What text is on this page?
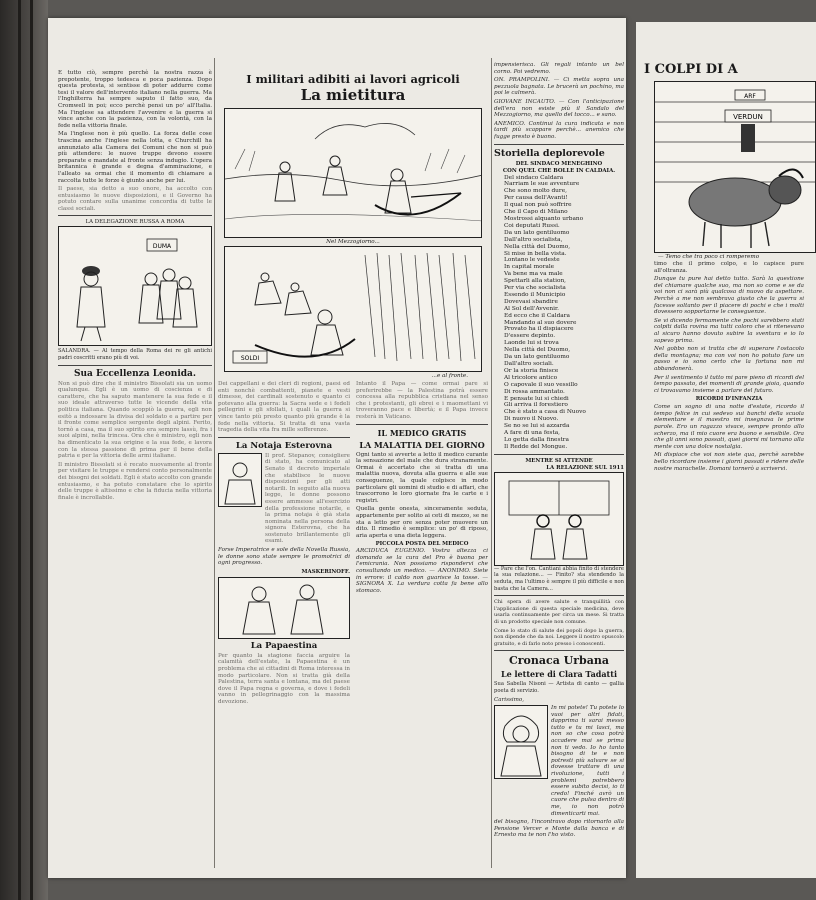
E tutto ciò, sempre perchè la nostra razza è prepotente, troppo tedesca e poca pazienza. Dopo questa protesta, si sentisse di poter addurre come tesi il valore dell'intervento italiano nella guerra. Ma l'Inghilterra ha sempre saputo il fatto suo, da Cromwell in poi; ecco perchè pensi un po' all'Italia. Ma l'inglese sa attendere l'avvenire e la guerra si vince anche con la pazienza, con la volontà, con la fede nella vittoria finale.

Ma l'inglese non è più quello. La forza delle cose trascina anche l'inglese nella lotta, e Churchill ha annunziato alla Camera dei Comuni che non si può più attendere: le nuove truppe devono essere preparate e mandate al fronte senza indugio. L'opera britannica è grande e degna d'ammirazione, e l'alleato sa ormai che il momento di chiamare a raccolta tutte le forze è giunto anche per lui.

Il paese, sia detto a suo onore, ha accolto con entusiasmo le nuove disposizioni, e il Governo ha potuto contare sulla unanime concordia di tutte le classi sociali.

LA DELEGAZIONE RUSSA A ROMA

DUMA

SALANDRA. — Al tempo della Roma dei re gli antichi padri coscritti erano più di voi.

Sua Eccellenza Leonida.

Non si può dire che il ministro Bissolati sia un uomo qualunque. Egli è un uomo di coscienza e di carattere, che ha saputo mantenere la sua fede e il suo ideale attraverso tutte le vicende della vita politica italiana. Quando scoppiò la guerra, egli non esitò a indossare la divisa del soldato e a partire per il fronte come semplice sergente degli alpini. Ferito, tornò a casa, ma il suo spirito era sempre lassù, fra i suoi alpini, nella trincea. Ora che è ministro, egli non ha dimenticato la sua origine e la sua fede, e lavora con la stessa passione di prima per il bene della patria e per la vittoria delle armi italiane.

Il ministro Bissolati si è recato nuovamente al fronte per visitare le truppe e rendersi conto personalmente dei bisogni dei soldati. Egli è stato accolto con grande entusiasmo, e ha potuto constatare che lo spirito delle truppe è altissimo e che la fiducia nella vittoria finale è incrollabile.

I militari adibiti ai lavori agricoli

La mietitura

Nel Mezzogiorno...

SOLDI

...e al fronte.

Dei cappellani e dei cleri di regioni, paesi ed enti nonchè combattenti, pianete e vesti dimesse, dei cardinali sostenuto e quanto ci potevano alla guerra: la Sacra sede e i fedeli pellegrini e gli sfollati, i quali la guerra si vince tanto più presto quanto più grande è la fede nella vittoria. Si tratta di una vasta tragedia della vita fra mille sofferenze.

La Notaja Esterovna

Il prof. Stepanov, consigliere di stato, ha comunicato al Senato il decreto imperiale che stabilisce le nuove disposizioni per gli atti notarili. In seguito alla nuova legge, le donne possono essere ammesse all'esercizio della professione notarile, e la prima notaja è già stata nominata nella persona della signora Esterovna, che ha sostenuto brillantemente gli esami.

Forse Imperatrice e sole della Novella Russia, le donne sono state sempre le promotrici di ogni progresso.

MASKERINOFF.

La Papaestina

Per quanto la stagione faccia arguire la calamità dell'estate, la Papaestina è un problema che ai cittadini di Roma interessa in modo particolare. Non si tratta già della Palestina, terra santa e lontana, ma del paese dove il Papa regna e governa, e dove i fedeli vanno in pellegrinaggio con la massima devozione.

Intanto il Papa — come ormai pare si preferirebbe — la Palestina potrà essere concessa alla repubblica cristiana nel senso che i protestanti, gli ebrei e i maomettani vi troveranno pace e libertà; e il Papa invece resterà in Vaticano.

IL MEDICO GRATIS

LA MALATTIA DEL GIORNO

Ogni tanto si avverte a letto il medico curante la sensazione del male che dura stranamente. Ormai è accertato che si tratta di una malattia nuova, dovuta alla guerra e alle sue conseguenze, la quale colpisce in modo particolare gli uomini di studio e di affari, che trascorrono le loro giornate fra le carte e i registri.

Quella gente onesta, sinceramente seduta, appartenente per solito ai ceti di mezzo, se ne sta a letto per ore senza poter muovere un dito. Il rimedio è semplice: un po' di riposo, aria aperta e una dieta leggera.

PICCOLA POSTA DEL MEDICO

ARCIDUCA EUGENIO. Vostra altezza ci domanda se la cura del Pro è buona per l'emicrania. Non possiamo rispondervi che consultando un medico. — ANONIMO. Siete in errore: il caldo non guarisce la tosse. — SIGNORA X. La verdura cotta fa bene allo stomaco.

impensierisca. Gli regali intanto un bel corno. Poi vedremo.

ON. PRAMPOLINI. — Ci metta sopra una pezzuola bagnata. Le brucerà un pochino, ma poi le calmerà.

GIOVANE INCAUTO. — Con l'anticipazione dell'era non esiste più il Sandalo del Mezzogiorno, ma quello del tocco... e sano.

ANEMICO. Continui la cura indicata e non tardi più scappare perchè... anemico che fugge presto è buono.

Storiella deplorevole

DEL SINDACO MENEGHINO

CON QUEL CHE BOLLE IN CALDAIA.

Del sindaco Caldara

Narriam le sue avventure

Che sono molto dure,

Per causa dell'Avanti!

Il qual non può soffrire

Che il Capo di Milano

Mostrossi alquanto urbano

Coi deputati Russi.

Da un lato gentiluomo

Dall'altro socialista,

Nella città del Duomo,

Si mise in bella vista.

Lontano le vedeste

In capital morale

Va bene ma va male

Spettarli alla station,

Per via che socialista

Essendo il Municipio

Dovevasi sbandire

Al Sol dell'Avvenir.

Ed ecco che il Caldara

Mandando al suo dovere

Provato ha il dispiacere

D'essere depinto.

Laonde lui si trova

Nella città del Duomo,

Da un lato gentiluomo

Dall'altro sociali.

Or la storia finisce

Al tricolore antico

O capovale il suo vessillo

Di rossa ammantato.

E pensate lui si chiedi

Gli arriva il forestiero

Che è stato a casa di Nuovo

Di nuovo il Nuovo.

Se no se lui si azzarda

A fare di una festa,

Lo getta dalla finestra

Il Redde del Mongue.

MENTRE SI ATTENDE

LA RELAZIONE SUL 1911

— Pare che l'on. Cantiani abbia finito di stendere la sua relazione... — Finito? sta stendendo la seduta, ma l'ultimo è sempre il più difficile e non basta che la Camera...

Chi spera di avere salute e tranquillità con l'applicazione di questa speciale medicina, deve usarla continuamente per circa un mese. Si tratta di un prodotto speciale non comune.

Come lo stato di salute dei popoli dopo la guerra, non dipende che da noi. Leggere il nostro opuscolo gratuito, e di farlo noto presso i conoscenti.

Cronaca Urbana

Le lettere di Clara Tadatti

Sua Sabella Nisoni — Artista di canto — gallia poeta di servizio.

Carissimo,

In mi potete! Tu potete lo vuoi per altri fidati, dapprima ti sarai messo tutto e tu mi lasci, ma non so che cosa potrà accadere mai se prima non ti vedo. Io ho tanto bisogno di te e non potresti più salvare se si dovesse trattare di una rivoluzione, tutti i problemi potrebbero essere subito decisi, io ti credo! Finché avrò un cuore che pulsa dentro di me, io non potrò dimenticarti mai.

del bisogno, l'incontravo dopo ritornarlo alla Pensione Vercer e Monte dalla banca e di Ernesto ma te non l'ho visto.

I COLPI DI A

ARF
VERDUN

— Temo che tra poco ci romperemo

timo che il primo colpo, e lo capisce pure all'oltranza.

Dunque tu pure hai detto tutto. Sarà la questione del chiamare qualche suo, ma non so come e se da voi non ci sarà più qualcosa di nuovo da aspettare. Perchè a me non sembrava giusto che la guerra si facesse soltanto per il piacere di pochi e che i molti dovessero sopportarne le conseguenze.

Se vi dicendo fermamente che pochi sarebbero stati colpiti dalla rovina ma tutti coloro che si ritenevano al sicuro hanno dovuto subire la sventura e io lo sapevo prima.

Nel gobbo non si tratta che di superare l'ostacolo della montagna; ma con voi non ho potuto fare un passo e io sono certo che la fortuna non mi abbandonerà.

Per il sentimento il tutto mi pare pieno di ricordi del tempo passato, dei momenti di grande gioia, quando ci trovavamo insieme a parlare del futuro.

RICORDI D'INFANZIA

Come un sogno di una notte d'estate, ricordo il tempo felice in cui sedevo sui banchi della scuola elementare e il maestro mi insegnava le prime parole. Ero un ragazzo vivace, sempre pronto allo scherzo, ma il mio cuore era buono e sensibile. Ora che gli anni sono passati, quei giorni mi tornano alla mente con una dolce nostalgia.

Mi dispiace che voi non siete qua, perchè sarebbe bello ricordare insieme i giorni passati e ridere delle nostre marachelle. Domani tornerò a scrivervi.
